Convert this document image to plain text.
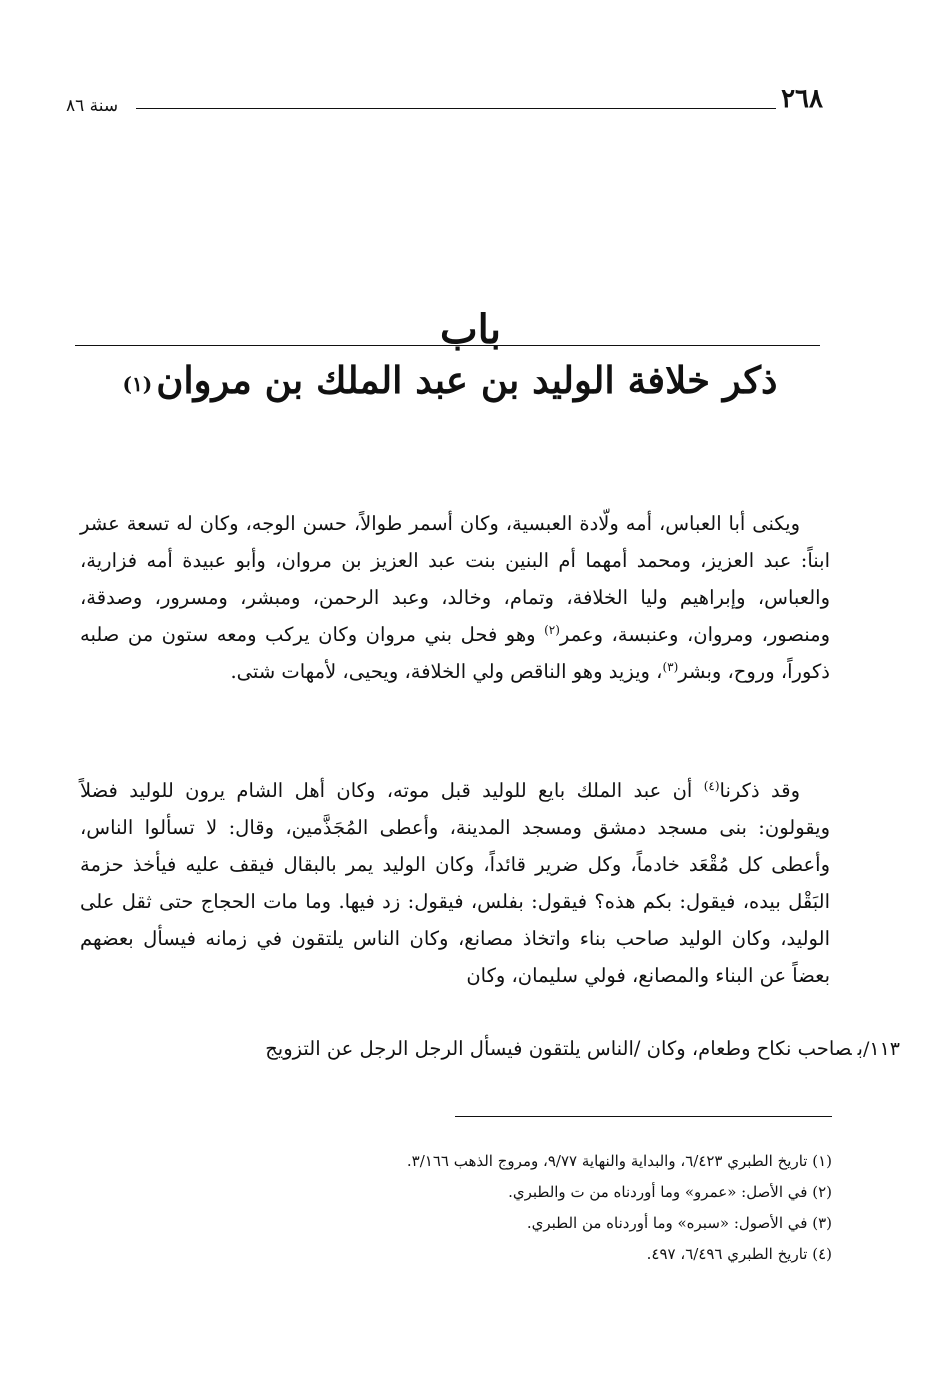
٢٦٨
سنة ٨٦
باب
ذكر خلافة الوليد بن عبد الملك بن مروان$^{(١)}$
ويكنى أبا العباس، أمه ولّادة العبسية، وكان أسمر طوالاً، حسن الوجه، وكان له تسعة عشر ابناً: عبد العزيز، ومحمد أمهما أم البنين بنت عبد العزيز بن مروان، وأبو عبيدة أمه فزارية، والعباس، وإبراهيم وليا الخلافة، وتمام، وخالد، وعبد الرحمن، ومبشر، ومسرور، وصدقة، ومنصور، ومروان، وعنبسة، وعمر$^{(٢)}$ وهو فحل بني مروان وكان يركب ومعه ستون من صلبه ذكوراً، وروح، وبشر$^{(٣)}$، ويزيد وهو الناقص ولي الخلافة، ويحيى، لأمهات شتى.
وقد ذكرنا$^{(٤)}$ أن عبد الملك بايع للوليد قبل موته، وكان أهل الشام يرون للوليد فضلاً ويقولون: بنى مسجد دمشق ومسجد المدينة، وأعطى المُجَذَّمين، وقال: لا تسألوا الناس، وأعطى كل مُقْعَد خادماً، وكل ضرير قائداً، وكان الوليد يمر بالبقال فيقف عليه فيأخذ حزمة البَقْل بيده، فيقول: بكم هذه؟ فيقول: بفلس، فيقول: زد فيها. وما مات الحجاج حتى ثقل على الوليد، وكان الوليد صاحب بناء واتخاذ مصانع، وكان الناس يلتقون في زمانه فيسأل بعضهم بعضاً عن البناء والمصانع، فولي سليمان، وكان
١١٣/بصاحب نكاح وطعام، وكان /الناس يلتقون فيسأل الرجل الرجل عن التزويج
(١) تاريخ الطبري ٦/٤٢٣، والبداية والنهاية ٩/٧٧، ومروج الذهب ٣/١٦٦.
(٢) في الأصل: «عمرو» وما أوردناه من ت والطبري.
(٣) في الأصول: «سبره» وما أوردناه من الطبري.
(٤) تاريخ الطبري ٦/٤٩٦، ٤٩٧.
